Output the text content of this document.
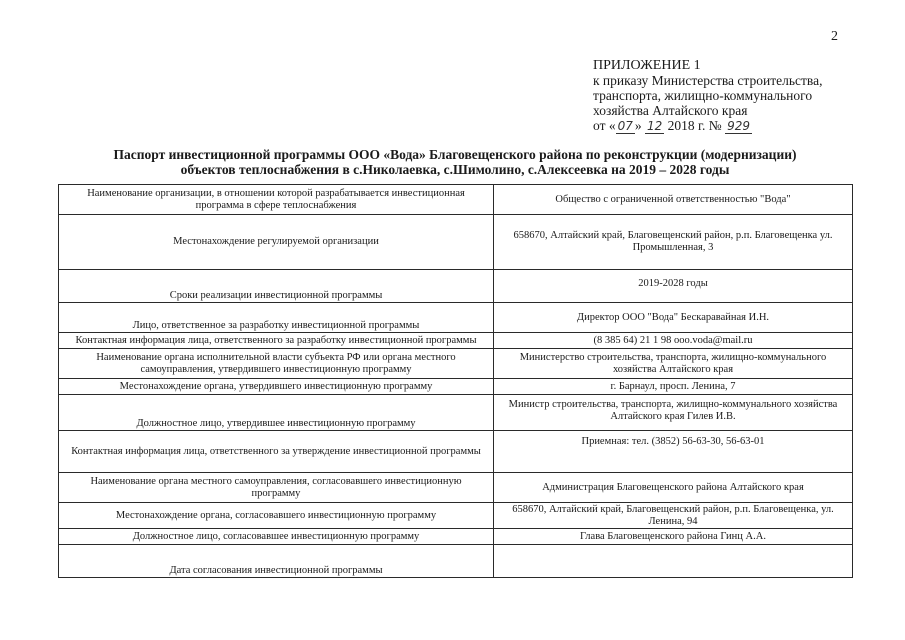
2
ПРИЛОЖЕНИЕ 1
к приказу Министерства строительства,
транспорта, жилищно-коммунального
хозяйства Алтайского края
от « 07 » 12 2018 г. № 929
Паспорт инвестиционной программы ООО «Вода» Благовещенского района по реконструкции (модернизации)
объектов теплоснабжения в с.Николаевка, с.Шимолино, с.Алексеевка на 2019 – 2028 годы
Наименование организации, в отношении которой разрабатывается инвестиционная программа в сфере теплоснабжения	Общество с ограниченной ответственностью "Вода"
Местонахождение регулируемой организации	658670, Алтайский край, Благовещенский район, р.п. Благовещенка ул. Промышленная, 3
Сроки реализации инвестиционной программы	2019-2028 годы
Лицо, ответственное за разработку инвестиционной программы	Директор ООО "Вода" Бескаравайная И.Н.
Контактная информация лица, ответственного за разработку инвестиционной программы	(8 385 64) 21 1 98 ooo.voda@mail.ru
Наименование органа исполнительной власти субъекта РФ или органа местного самоуправления, утвердившего инвестиционную программу	Министерство строительства, транспорта, жилищно-коммунального хозяйства Алтайского края
Местонахождение органа, утвердившего инвестиционную программу	г. Барнаул, просп. Ленина, 7
Должностное лицо, утвердившее инвестиционную программу	Министр строительства, транспорта, жилищно-коммунального хозяйства Алтайского края Гилев И.В.
Контактная информация лица, ответственного за утверждение инвестиционной программы	Приемная: тел. (3852) 56-63-30, 56-63-01
Наименование органа местного самоуправления, согласовавшего инвестиционную программу	Администрация Благовещенского района Алтайского края
Местонахождение органа, согласовавшего инвестиционную программу	658670, Алтайский край, Благовещенский район, р.п. Благовещенка, ул. Ленина, 94
Должностное лицо, согласовавшее инвестиционную программу	Глава Благовещенского района Гинц А.А.
Дата согласования инвестиционной программы	
